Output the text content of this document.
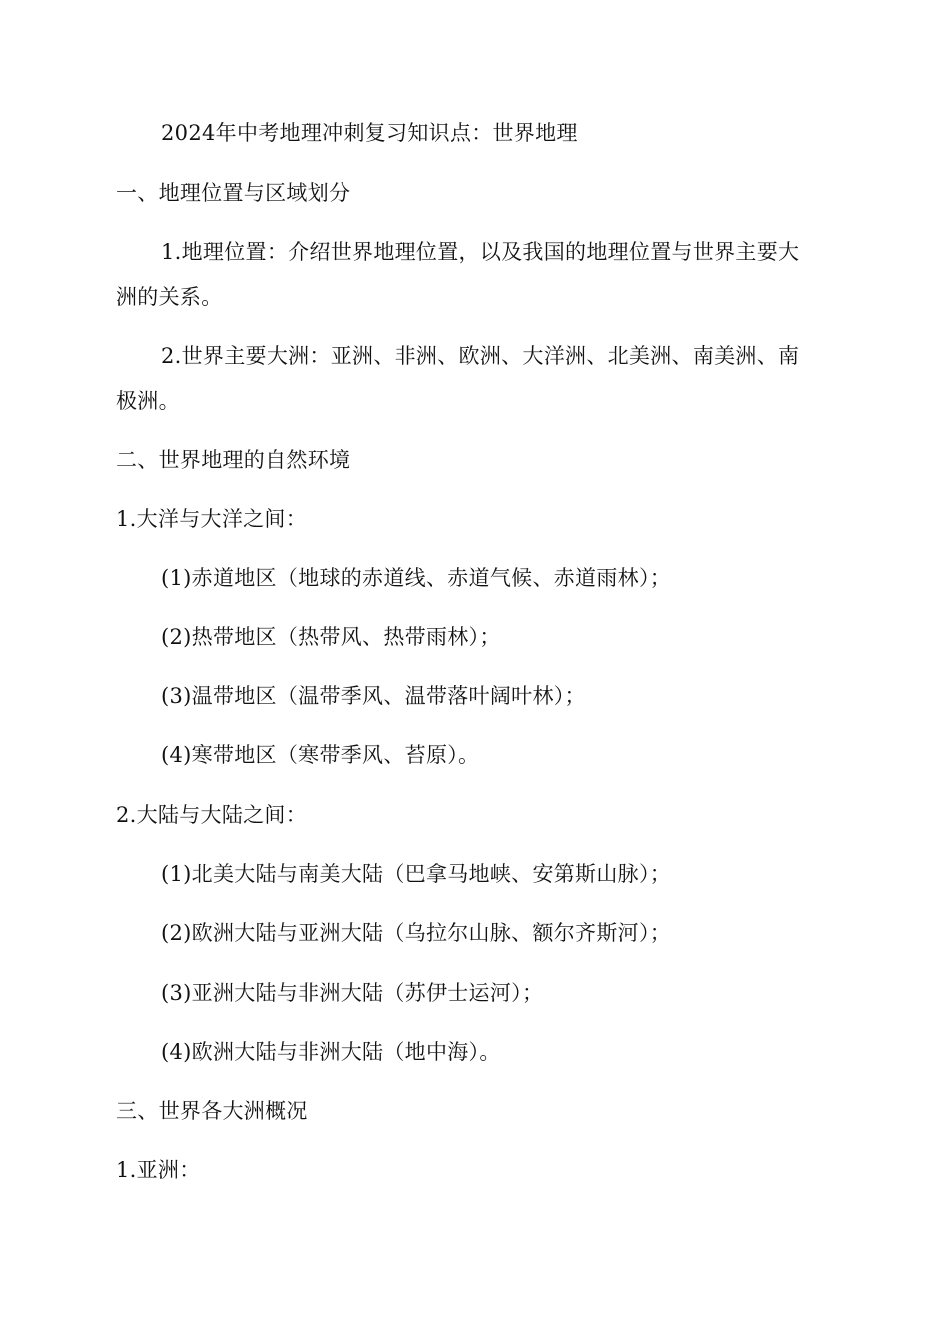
2024年中考地理冲刺复习知识点：世界地理
一、地理位置与区域划分
1.地理位置：介绍世界地理位置，以及我国的地理位置与世界主要大
洲的关系。
2.世界主要大洲：亚洲、非洲、欧洲、大洋洲、北美洲、南美洲、南
极洲。
二、世界地理的自然环境
1.大洋与大洋之间：
(1)赤道地区（地球的赤道线、赤道气候、赤道雨林）；
(2)热带地区（热带风、热带雨林）；
(3)温带地区（温带季风、温带落叶阔叶林）；
(4)寒带地区（寒带季风、苔原）。
2.大陆与大陆之间：
(1)北美大陆与南美大陆（巴拿马地峡、安第斯山脉）；
(2)欧洲大陆与亚洲大陆（乌拉尔山脉、额尔齐斯河）；
(3)亚洲大陆与非洲大陆（苏伊士运河）；
(4)欧洲大陆与非洲大陆（地中海）。
三、世界各大洲概况
1.亚洲：
